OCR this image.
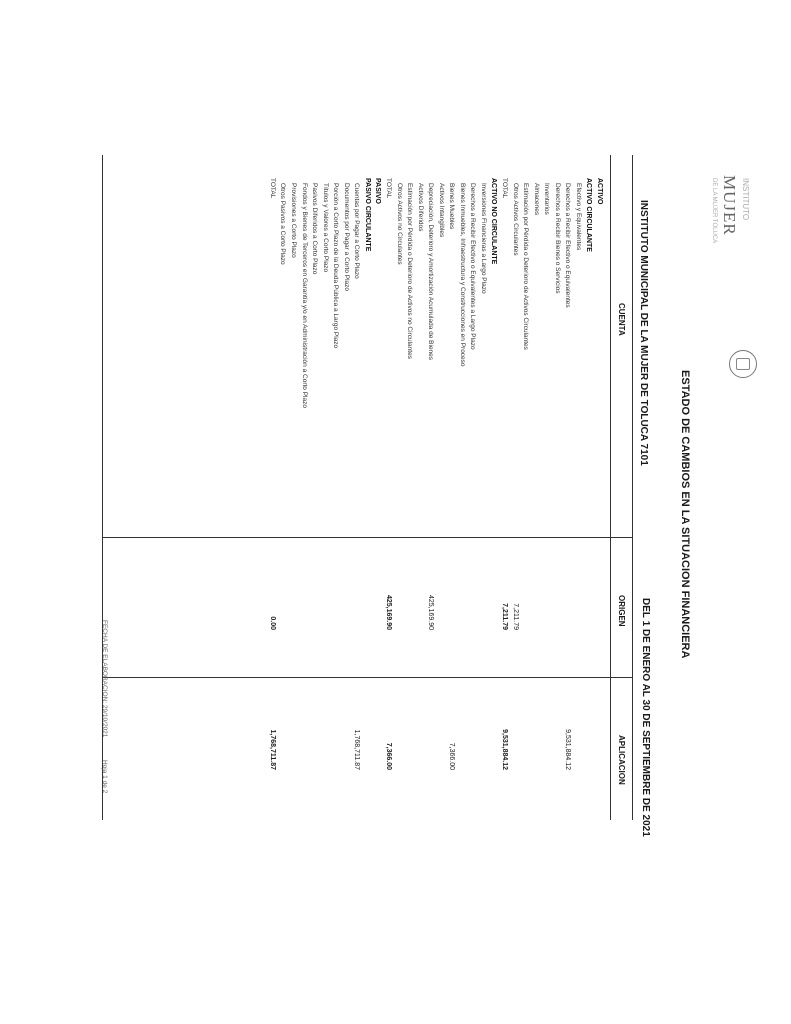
INSTITUTO
MUJER
DE LA MUJER TOLUCA
ESTADO DE CAMBIOS EN LA SITUACION FINANCIERA
INSTITUTO MUNICIPAL DE LA MUJER DE TOLUCA 7101
DEL 1 DE ENERO AL 30 DE SEPTIEMBRE DE 2021
CUENTA
ORIGEN
APLICACION
ACTIVO
ACTIVO CIRCULANTE
Efectivo y Equivalentes
Derechos a Recibir Efectivo o Equivalentes
9,531,884.12
Derechos a Recibir Bienes o Servicios
Inventarios
Almacenes
Estimación por Pérdida o Deterioro de Activos Circulantes
Otros Activos Circulantes
7,211.79
TOTAL
7,211.79
9,531,884.12
ACTIVO NO CIRCULANTE
Inversiones Financieras a Largo Plazo
Derechos a Recibir Efectivo o Equivalentes a Largo Plazo
Bienes Inmuebles, Infraestructura y Construcciones en Proceso
Bienes Muebles
7,366.00
Activos Intangibles
Depreciación, Deterioro y Amortización Acumulada de Bienes
425,169.90
Activos Diferidos
Estimación por Pérdida o Deterioro de Activos no Circulantes
Otros Activos no Circulantes
TOTAL
425,169.90
7,366.00
PASIVO
PASIVO CIRCULANTE
Cuentas por Pagar a Corto Plazo
1,768,711.87
Documentos por Pagar a Corto Plazo
Porción a Corto Plazo de la Deuda Pública a Largo Plazo
Títulos y Valores a Corto Plazo
Pasivos Diferidos a Corto Plazo
Fondos y Bienes de Terceros en Garantía y/o en Administración a Corto Plazo
Provisiones a Corto Plazo
Otros Pasivos a Corto Plazo
TOTAL
0.00
1,768,711.87
FECHA DE ELABORACION: 29/10/2021
Hoja 1 de 2
